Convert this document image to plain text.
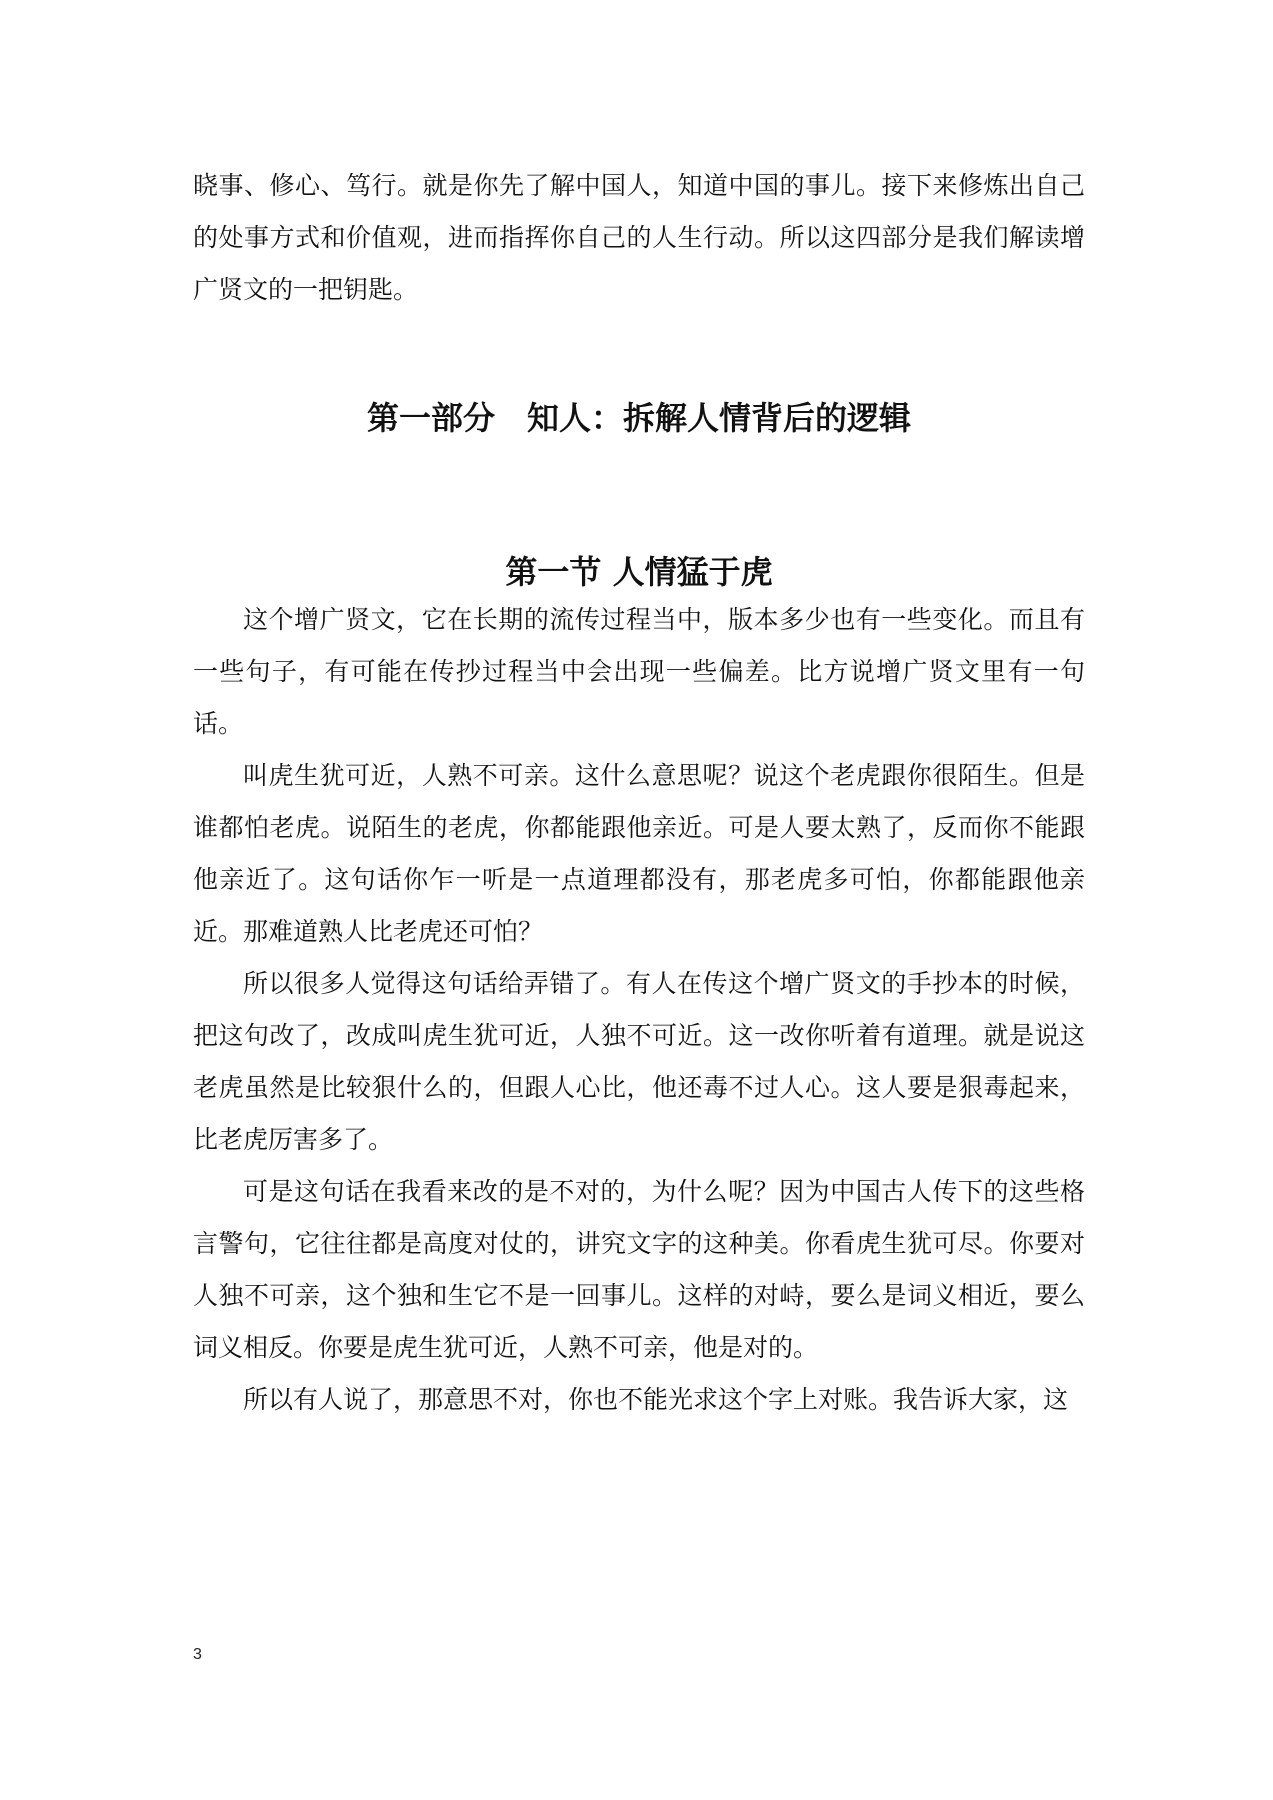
晓事、修心、笃行。就是你先了解中国人，知道中国的事儿。接下来修炼出自己的处事方式和价值观，进而指挥你自己的人生行动。所以这四部分是我们解读增广贤文的一把钥匙。

第一部分　知人：拆解人情背后的逻辑
第一节 人情猛于虎

这个增广贤文，它在长期的流传过程当中，版本多少也有一些变化。而且有一些句子，有可能在传抄过程当中会出现一些偏差。比方说增广贤文里有一句话。

叫虎生犹可近，人熟不可亲。这什么意思呢？说这个老虎跟你很陌生。但是谁都怕老虎。说陌生的老虎，你都能跟他亲近。可是人要太熟了，反而你不能跟他亲近了。这句话你乍一听是一点道理都没有，那老虎多可怕，你都能跟他亲近。那难道熟人比老虎还可怕？

所以很多人觉得这句话给弄错了。有人在传这个增广贤文的手抄本的时候，把这句改了，改成叫虎生犹可近，人独不可近。这一改你听着有道理。就是说这老虎虽然是比较狠什么的，但跟人心比，他还毒不过人心。这人要是狠毒起来，比老虎厉害多了。

可是这句话在我看来改的是不对的，为什么呢？因为中国古人传下的这些格言警句，它往往都是高度对仗的，讲究文字的这种美。你看虎生犹可尽。你要对人独不可亲，这个独和生它不是一回事儿。这样的对峙，要么是词义相近，要么词义相反。你要是虎生犹可近，人熟不可亲，他是对的。

所以有人说了，那意思不对，你也不能光求这个字上对账。我告诉大家，这

3
